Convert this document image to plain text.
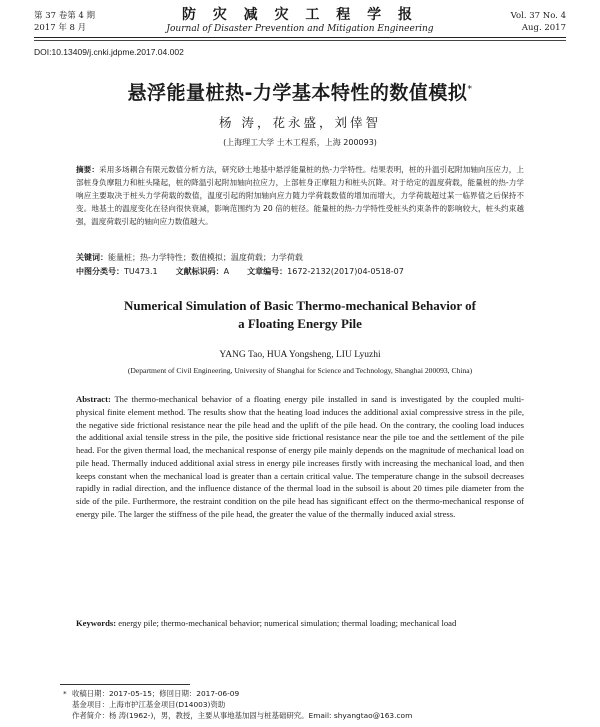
第 37 卷第 4 期
2017 年 8 月
防 灾 减 灾 工 程 学 报
Journal of Disaster Prevention and Mitigation Engineering
Vol. 37 No. 4
Aug. 2017
DOI:10.13409/j.cnki.jdpme.2017.04.002
悬浮能量桩热-力学基本特性的数值模拟*
杨 涛，花永盛，刘倖智
(上海理工大学 土木工程系，上海 200093)
摘要：采用多场耦合有限元数值分析方法，研究砂土地基中悬浮能量桩的热-力学特性。结果表明，桩的升温引起附加轴向压应力，上部桩身负摩阻力和桩头隆起，桩的降温引起附加轴向拉应力，上部桩身正摩阻力和桩头沉降。对于给定的温度荷载，能量桩的热-力学响应主要取决于桩头力学荷载的数值，温度引起的附加轴向应力随力学荷载数值的增加而增大，力学荷载超过某一临界值之后保持不变。地基土的温度变化在径向很快衰减，影响范围约为 20 倍的桩径。能量桩的热-力学特性受桩头约束条件的影响较大，桩头约束越强，温度荷载引起的轴向应力数值越大。
关键词：能量桩；热-力学特性；数值模拟；温度荷载；力学荷载
中图分类号：TU473.1 文献标识码：A 文章编号：1672-2132(2017)04-0518-07
Numerical Simulation of Basic Thermo-mechanical Behavior of
a Floating Energy Pile
YANG Tao, HUA Yongsheng, LIU Lyuzhi
(Department of Civil Engineering, University of Shanghai for Science and Technology, Shanghai 200093, China)
Abstract: The thermo-mechanical behavior of a floating energy pile installed in sand is investigated by the coupled multi-physical finite element method. The results show that the heating load induces the additional axial compressive stress in the pile, the negative side frictional resistance near the pile head and the uplift of the pile head. On the contrary, the cooling load induces the additional axial tensile stress in the pile, the positive side frictional resistance near the pile toe and the settlement of the pile head. For the given thermal load, the mechanical response of energy pile mainly depends on the magnitude of mechanical load on pile head. Thermally induced additional axial stress in energy pile increases firstly with increasing the mechanical load, and then keeps constant when the mechanical load is greater than a certain critical value. The temperature change in the subsoil decreases rapidly in radial direction, and the influence distance of the thermal load in the subsoil is about 20 times pile diameter from the side of the pile. Furthermore, the restraint condition on the pile head has significant effect on the thermo-mechanical response of energy pile. The larger the stiffness of the pile head, the greater the value of the thermally induced axial stress.
Keywords: energy pile; thermo-mechanical behavior; numerical simulation; thermal loading; mechanical load
* 收稿日期：2017-05-15；修回日期：2017-06-09
基金项目：上海市护江基金项目(D14003)资助
作者简介：杨 涛(1962-)，男，教授，主要从事地基加固与桩基础研究。Email: shyangtao@163.com
